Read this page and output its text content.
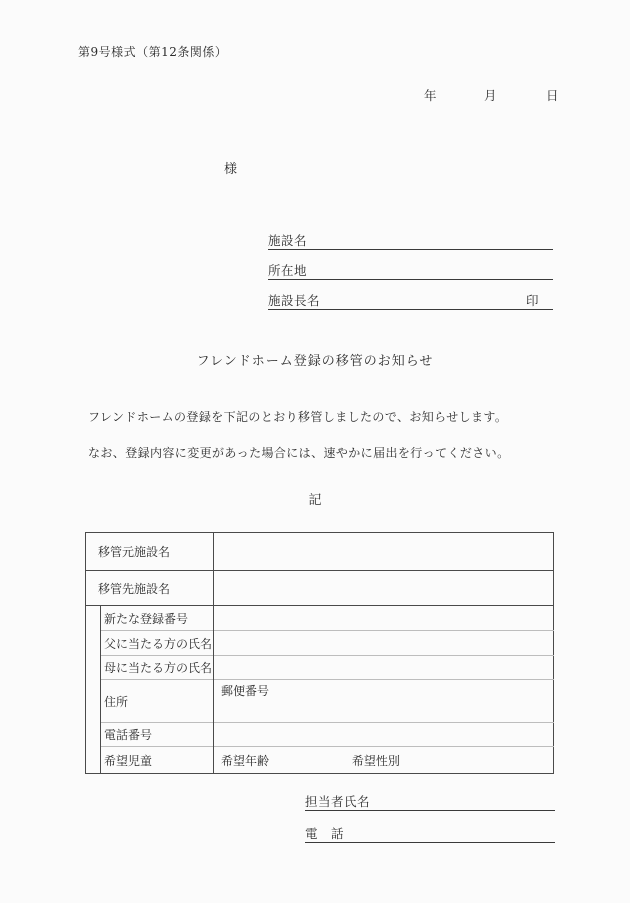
第9号様式（第12条関係）
年	月	日
様
施設名
所在地
施設長名	印
フレンドホーム登録の移管のお知らせ
フレンドホームの登録を下記のとおり移管しましたので、お知らせします。
なお、登録内容に変更があった場合には、速やかに届出を行ってください。
記
移管元施設名		
移管先施設名		
	新たな登録番号	
	父に当たる方の氏名	
	母に当たる方の氏名	
	住所	郵便番号
	電話番号	
	希望児童	希望年齢 希望性別
担当者氏名
電　話
